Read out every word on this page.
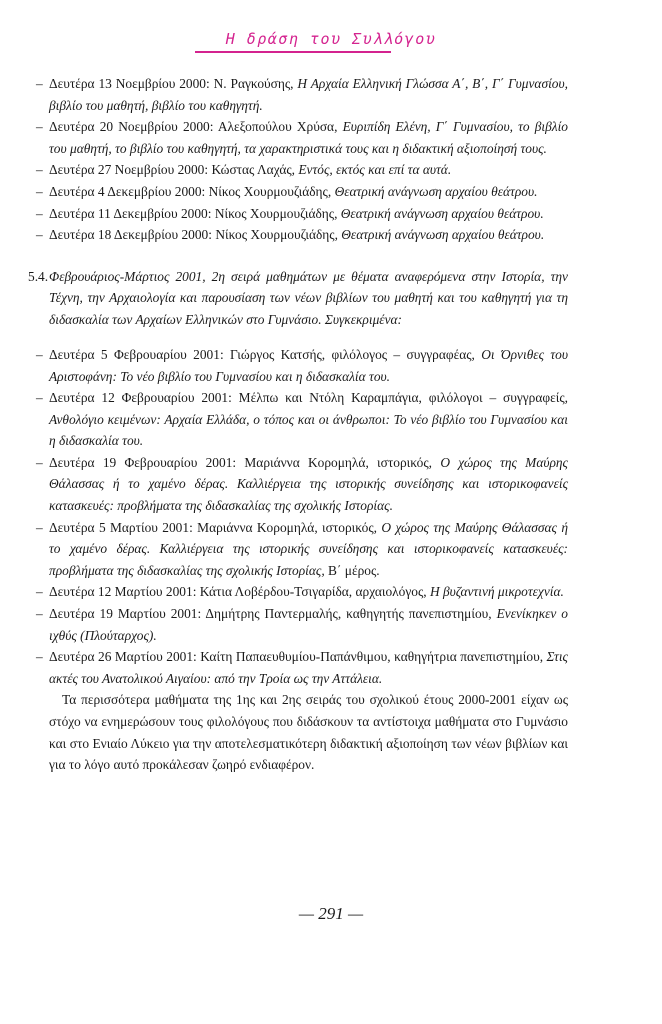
Η δράση του Συλλόγου

– Δευτέρα 13 Νοεμβρίου 2000: Ν. Ραγκούσης, Η Αρχαία Ελληνική Γλώσσα Α΄, Β΄, Γ΄ Γυμνασίου, βιβλίο του μαθητή, βιβλίο του καθηγητή.

– Δευτέρα 20 Νοεμβρίου 2000: Αλεξοπούλου Χρύσα, Ευριπίδη Ελένη, Γ΄ Γυμνασίου, το βιβλίο του μαθητή, το βιβλίο του καθηγητή, τα χαρακτηριστικά τους και η διδακτική αξιοποίησή τους.

– Δευτέρα 27 Νοεμβρίου 2000: Κώστας Λαχάς, Εντός, εκτός και επί τα αυτά.

– Δευτέρα 4 Δεκεμβρίου 2000: Νίκος Χουρμουζιάδης, Θεατρική ανάγνωση αρχαίου θεάτρου.

– Δευτέρα 11 Δεκεμβρίου 2000: Νίκος Χουρμουζιάδης, Θεατρική ανάγνωση αρχαίου θεάτρου.

– Δευτέρα 18 Δεκεμβρίου 2000: Νίκος Χουρμουζιάδης, Θεατρική ανάγνωση αρχαίου θεάτρου.

5.4.Φεβρουάριος-Μάρτιος 2001, 2η σειρά μαθημάτων με θέματα αναφερόμενα στην Ιστορία, την Τέχνη, την Αρχαιολογία και παρουσίαση των νέων βιβλίων του μαθητή και του καθηγητή για τη διδασκαλία των Αρχαίων Ελληνικών στο Γυμνάσιο. Συγκεκριμένα:

– Δευτέρα 5 Φεβρουαρίου 2001: Γιώργος Κατσής, φιλόλογος – συγγραφέας, Οι Όρνιθες του Αριστοφάνη: Το νέο βιβλίο του Γυμνασίου και η διδασκαλία του.

– Δευτέρα 12 Φεβρουαρίου 2001: Μέλπω και Ντόλη Καραμπάγια, φιλόλογοι – συγγραφείς, Ανθολόγιο κειμένων: Αρχαία Ελλάδα, ο τόπος και οι άνθρωποι: Το νέο βιβλίο του Γυμνασίου και η διδασκαλία του.

– Δευτέρα 19 Φεβρουαρίου 2001: Μαριάννα Κορομηλά, ιστορικός, Ο χώρος της Μαύρης Θάλασσας ή το χαμένο δέρας. Καλλιέργεια της ιστορικής συνείδησης και ιστορικοφανείς κατασκευές: προβλήματα της διδασκαλίας της σχολικής Ιστορίας.

– Δευτέρα 5 Μαρτίου 2001: Μαριάννα Κορομηλά, ιστορικός, Ο χώρος της Μαύρης Θάλασσας ή το χαμένο δέρας. Καλλιέργεια της ιστορικής συνείδησης και ιστορικοφανείς κατασκευές: προβλήματα της διδασκαλίας της σχολικής Ιστορίας, Β΄ μέρος.

– Δευτέρα 12 Μαρτίου 2001: Κάτια Λοβέρδου-Τσιγαρίδα, αρχαιολόγος, Η βυζαντινή μικροτεχνία.

– Δευτέρα 19 Μαρτίου 2001: Δημήτρης Παντερμαλής, καθηγητής πανεπιστημίου, Ενενίκηκεν ο ιχθύς (Πλούταρχος).

– Δευτέρα 26 Μαρτίου 2001: Καίτη Παπαευθυμίου-Παπάνθιμου, καθηγήτρια πανεπιστημίου, Στις ακτές του Ανατολικού Αιγαίου: από την Τροία ως την Αττάλεια.

Τα περισσότερα μαθήματα της 1ης και 2ης σειράς του σχολικού έτους 2000-2001 είχαν ως στόχο να ενημερώσουν τους φιλολόγους που διδάσκουν τα αντίστοιχα μαθήματα στο Γυμνάσιο και στο Ενιαίο Λύκειο για την αποτελεσματικότερη διδακτική αξιοποίηση των νέων βιβλίων και για το λόγο αυτό προκάλεσαν ζωηρό ενδιαφέρον.

— 291 —
